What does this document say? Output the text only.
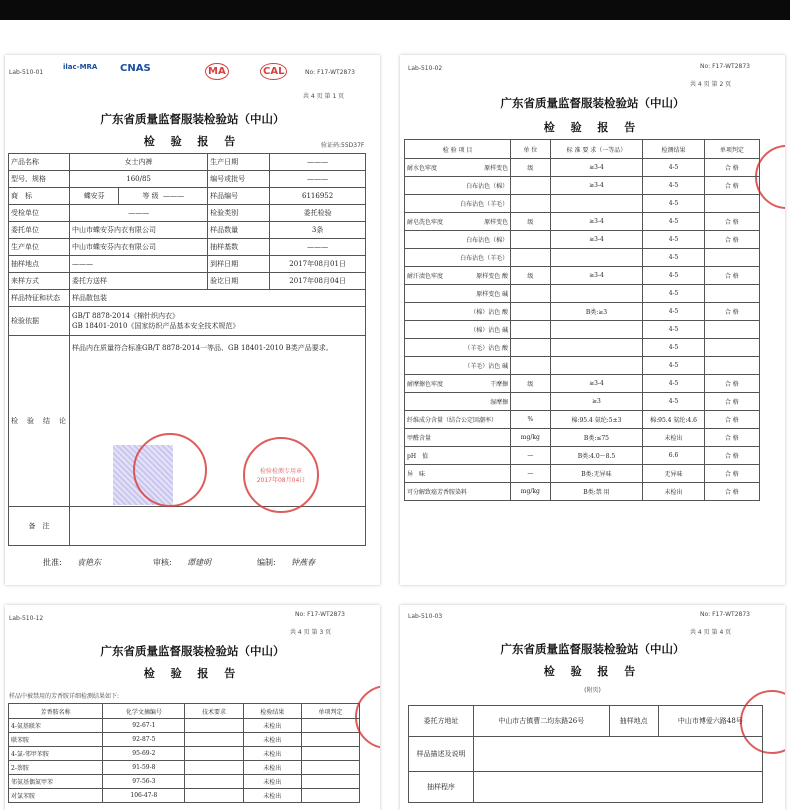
Lab-510-01
ilac-MRA CNAS	MA	CAL	No: F17-WT2873
共 4 页 第 1 页
广东省质量监督服装检验站（中山）
检 验 报 告	验证码:55D37F
产品名称	女士内裤		生产日期	———
型号、规格	160/85		编号或批号	———
商　标	蝶安芬	等 级 ———	样品编号	6116952
受检单位	———		检验类别	委托检验
委托单位	中山市蝶安芬内衣有限公司		样品数量	3条
生产单位	中山市蝶安芬内衣有限公司		抽样基数	———
抽样地点	———		到样日期	2017年08月01日
来样方式	委托方送样		验讫日期	2017年08月04日
样品特征和状态	样品散包装			
检验依据	GB/T 8878-2014《棉针织内衣》
GB 18401-2010《国家纺织产品基本安全技术规范》			

检　验　结　论	样品内在质量符合标准GB/T 8878-2014一等品、GB 18401-2010 B类产品要求。			
备　注				
检验检测专用章
2017年08月04日
批准: 袁艳东	审核: 谭建明	编制: 钟燕春
Lab-510-02	No: F17-WT2873
共 4 页 第 2 页
广东省质量监督服装检验站（中山）
检 验 报 告
检 验 项 目	单 位	标 准 要 求（一等品）	检测结果	单项判定
耐水色牢度 原样变色	级	≥3-4	4-5	合 格

白布沾色（棉）		≥3-4	4-5	合 格

白布沾色（羊毛）			4-5	
耐皂洗色牢度 原样变色	级	≥3-4	4-5	合 格

白布沾色（棉）		≥3-4	4-5	合 格

白布沾色（羊毛）			4-5	
耐汗渍色牢度 原样变色 酸	级	≥3-4	4-5	合 格

原样变色 碱			4-5	

（棉）沾色 酸		B类:≥3	4-5	合 格

（棉）沾色 碱			4-5	

（羊毛）沾色 酸			4-5	

（羊毛）沾色 碱			4-5	
耐摩擦色牢度 干摩擦	级	≥3-4	4-5	合 格

湿摩擦		≥3	4-5	合 格
纤维成分含量（结合公定回潮率）	%	棉:95.4 氨纶:5±3	棉:95.4 氨纶:4.6	合 格
甲醛含量	mg/kg	B类:≤75	未检出	合 格
pH　值	—	B类:4.0～8.5	6.6	合 格
异　味	—	B类:无异味	无异味	合 格
可分解致癌芳香胺染料	mg/kg	B类:禁 用	未检出	合 格
Lab-510-12
No: F17-WT2873
共 4 页 第 3 页
广东省质量监督服装检验站（中山）
检 验 报 告
样品中被禁用的芳香胺详细检测结果如下:
芳香胺名称	化学文摘编号	技术要求	检验结果	单项判定
4-氨基联苯	92-67-1		未检出	
联苯胺	92-87-5		未检出	
4-氯-邻甲苯胺	95-69-2		未检出	
2-萘胺	91-59-8		未检出	
邻氨基偶氮甲苯	97-56-3		未检出	
对氯苯胺	106-47-8		未检出	
Lab-510-03	No: F17-WT2873
共 4 页 第 4 页
广东省质量监督服装检验站（中山）
检 验 报 告
(附页)
委托方地址	中山市古镇曹二均东路26号	抽样地点	中山市博爱六路48号
样品描述及说明			
抽样程序			
